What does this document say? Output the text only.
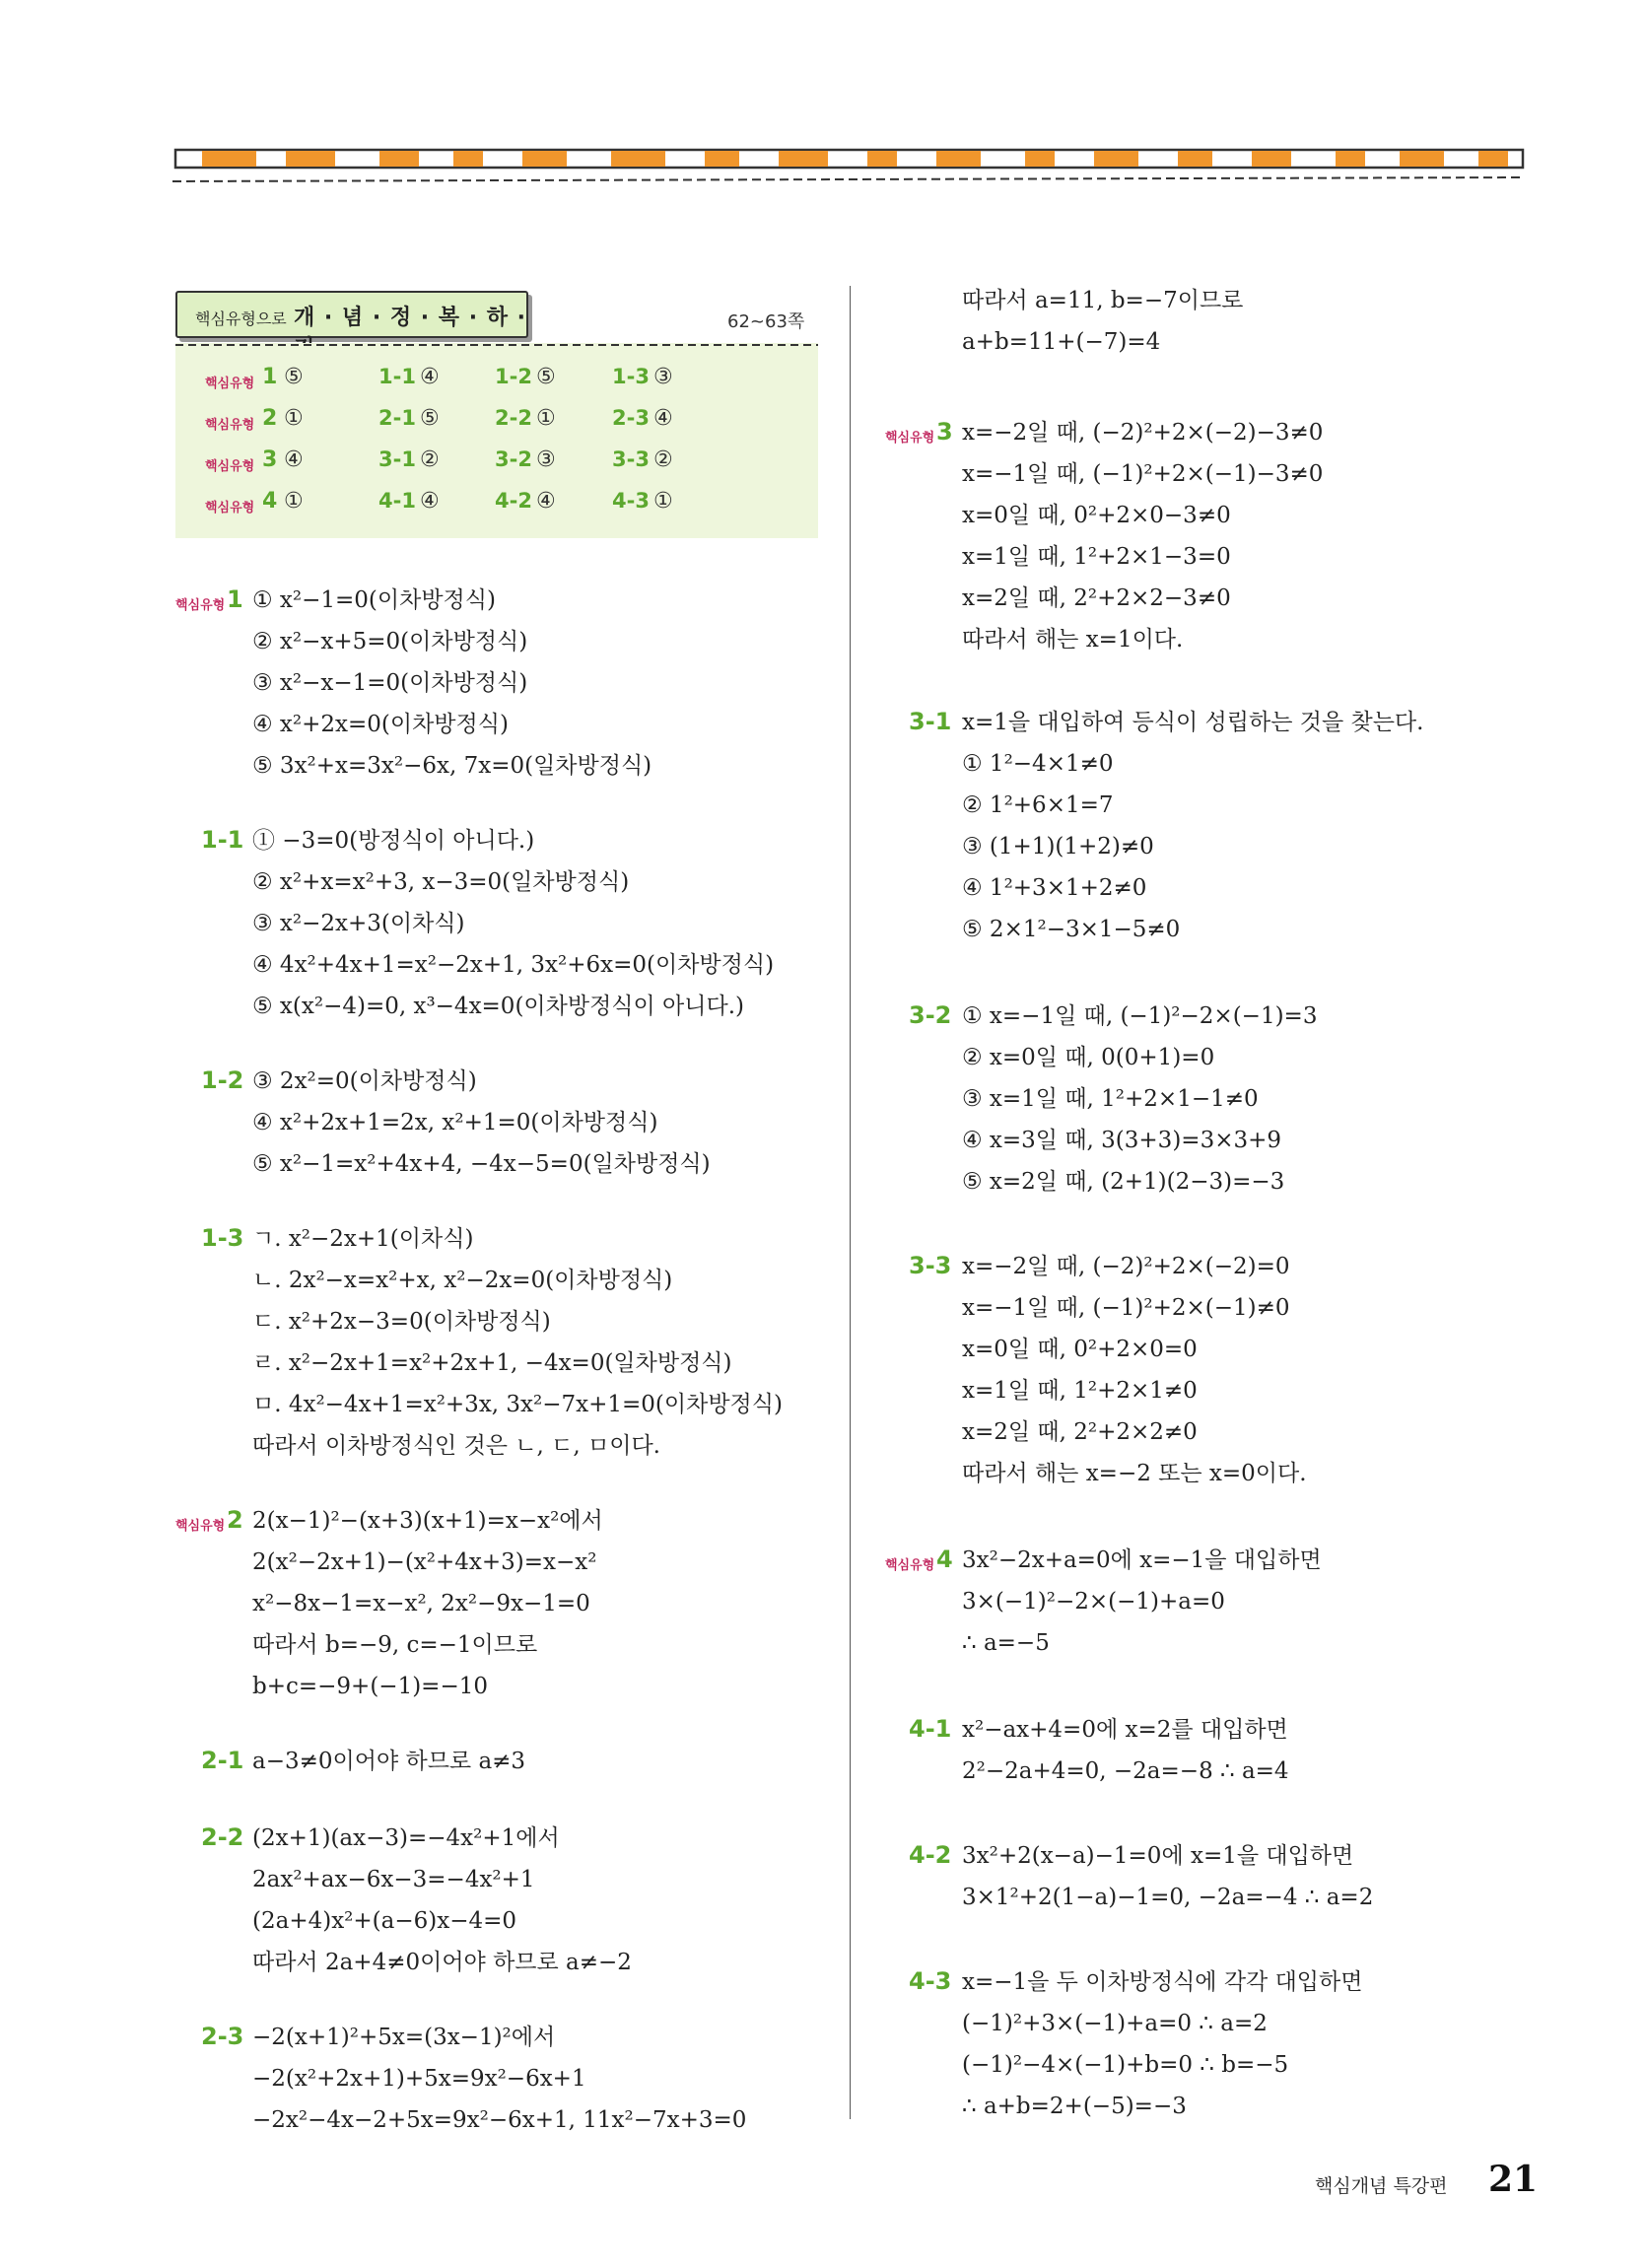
핵심유형으로 개 · 념 · 정 · 복 · 하 ·	62~63쪽
핵심유형 1 ⑤	1-1 ④	1-2 ⑤	1-3 ③
핵심유형 2 ①	2-1 ⑤	2-2 ①	2-3 ④
핵심유형 3 ④	3-1 ②	3-2 ③	3-3 ②
핵심유형 4 ①	4-1 ④	4-2 ④	4-3 ①
핵심유형 1 ① x²−1=0(이차방정식)
② x²−x+5=0(이차방정식)
③ x²−x−1=0(이차방정식)
④ x²+2x=0(이차방정식)
⑤ 3x²+x=3x²−6x, 7x=0(일차방정식)
1-1 ① −3=0(방정식이 아니다.)
② x²+x=x²+3, x−3=0(일차방정식)
③ x²−2x+3(이차식)
④ 4x²+4x+1=x²−2x+1, 3x²+6x=0(이차방정식)
⑤ x(x²−4)=0, x³−4x=0(이차방정식이 아니다.)
1-2 ③ 2x²=0(이차방정식)
④ x²+2x+1=2x, x²+1=0(이차방정식)
⑤ x²−1=x²+4x+4, −4x−5=0(일차방정식)
1-3 ㄱ. x²−2x+1(이차식)
ㄴ. 2x²−x=x²+x, x²−2x=0(이차방정식)
ㄷ. x²+2x−3=0(이차방정식)
ㄹ. x²−2x+1=x²+2x+1, −4x=0(일차방정식)
ㅁ. 4x²−4x+1=x²+3x, 3x²−7x+1=0(이차방정식)
따라서 이차방정식인 것은 ㄴ, ㄷ, ㅁ이다.
핵심유형 2 2(x−1)²−(x+3)(x+1)=x−x²에서
2(x²−2x+1)−(x²+4x+3)=x−x²
x²−8x−1=x−x², 2x²−9x−1=0
따라서 b=−9, c=−1이므로
b+c=−9+(−1)=−10
2-1 a−3≠0이어야 하므로 a≠3
2-2 (2x+1)(ax−3)=−4x²+1에서
2ax²+ax−6x−3=−4x²+1
(2a+4)x²+(a−6)x−4=0
따라서 2a+4≠0이어야 하므로 a≠−2
2-3 −2(x+1)²+5x=(3x−1)²에서
−2(x²+2x+1)+5x=9x²−6x+1
−2x²−4x−2+5x=9x²−6x+1, 11x²−7x+3=0
따라서 a=11, b=−7이므로
a+b=11+(−7)=4
핵심유형 3 x=−2일 때, (−2)²+2×(−2)−3≠0
x=−1일 때, (−1)²+2×(−1)−3≠0
x=0일 때, 0²+2×0−3≠0
x=1일 때, 1²+2×1−3=0
x=2일 때, 2²+2×2−3≠0
따라서 해는 x=1이다.
3-1 x=1을 대입하여 등식이 성립하는 것을 찾는다.
① 1²−4×1≠0
② 1²+6×1=7
③ (1+1)(1+2)≠0
④ 1²+3×1+2≠0
⑤ 2×1²−3×1−5≠0
3-2 ① x=−1일 때, (−1)²−2×(−1)=3
② x=0일 때, 0(0+1)=0
③ x=1일 때, 1²+2×1−1≠0
④ x=3일 때, 3(3+3)=3×3+9
⑤ x=2일 때, (2+1)(2−3)=−3
3-3 x=−2일 때, (−2)²+2×(−2)=0
x=−1일 때, (−1)²+2×(−1)≠0
x=0일 때, 0²+2×0=0
x=1일 때, 1²+2×1≠0
x=2일 때, 2²+2×2≠0
따라서 해는 x=−2 또는 x=0이다.
핵심유형 4 3x²−2x+a=0에 x=−1을 대입하면
3×(−1)²−2×(−1)+a=0
∴ a=−5
4-1 x²−ax+4=0에 x=2를 대입하면
2²−2a+4=0, −2a=−8 ∴ a=4
4-2 3x²+2(x−a)−1=0에 x=1을 대입하면
3×1²+2(1−a)−1=0, −2a=−4 ∴ a=2
4-3 x=−1을 두 이차방정식에 각각 대입하면
(−1)²+3×(−1)+a=0 ∴ a=2
(−1)²−4×(−1)+b=0 ∴ b=−5
∴ a+b=2+(−5)=−3
핵심개념 특강편 21
